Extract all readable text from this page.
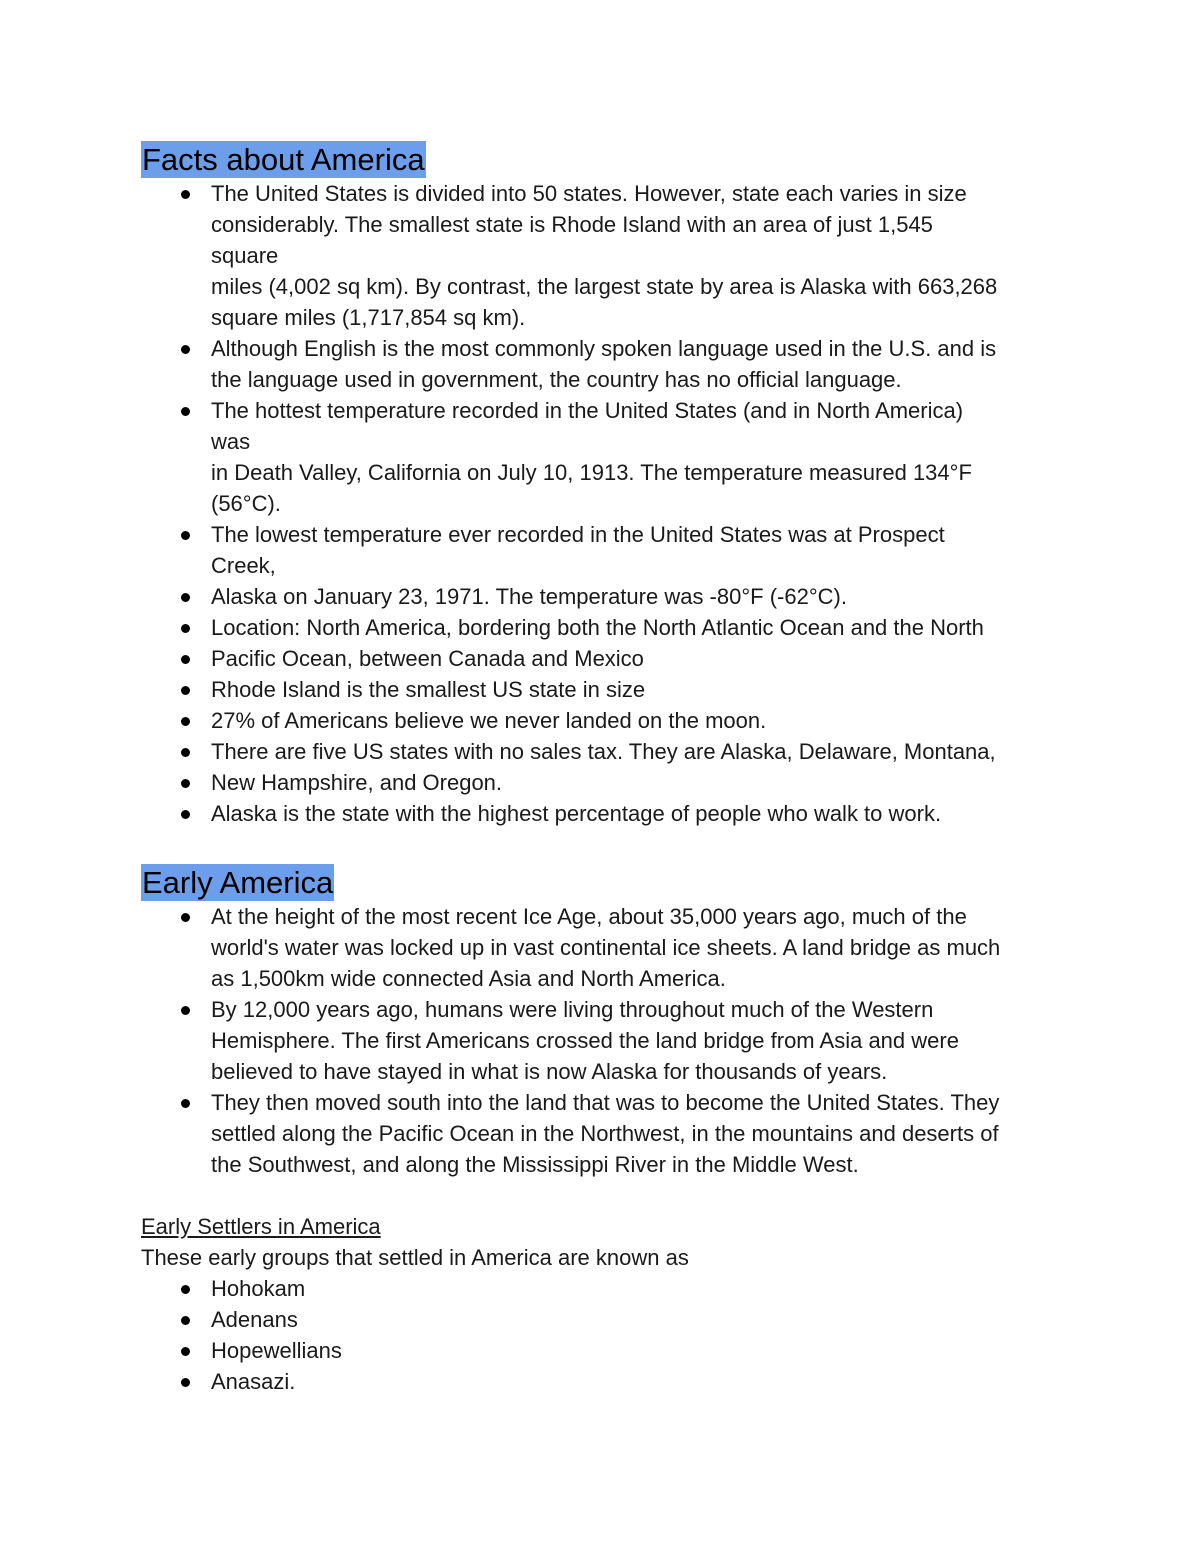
Facts about America
The United States is divided into 50 states. However, state each varies in size
considerably. The smallest state is Rhode Island with an area of just 1,545
square
miles (4,002 sq km). By contrast, the largest state by area is Alaska with 663,268
square miles (1,717,854 sq km).
Although English is the most commonly spoken language used in the U.S. and is
the language used in government, the country has no official language.
The hottest temperature recorded in the United States (and in North America)
was
in Death Valley, California on July 10, 1913. The temperature measured 134°F
(56°C).
The lowest temperature ever recorded in the United States was at Prospect
Creek,
Alaska on January 23, 1971. The temperature was -80°F (-62°C).
Location: North America, bordering both the North Atlantic Ocean and the North
Pacific Ocean, between Canada and Mexico
Rhode Island is the smallest US state in size
27% of Americans believe we never landed on the moon.
There are five US states with no sales tax. They are Alaska, Delaware, Montana,
New Hampshire, and Oregon.
Alaska is the state with the highest percentage of people who walk to work.
Early America
At the height of the most recent Ice Age, about 35,000 years ago, much of the
world's water was locked up in vast continental ice sheets. A land bridge as much
as 1,500km wide connected Asia and North America.
By 12,000 years ago, humans were living throughout much of the Western
Hemisphere. The first Americans crossed the land bridge from Asia and were
believed to have stayed in what is now Alaska for thousands of years.
They then moved south into the land that was to become the United States. They
settled along the Pacific Ocean in the Northwest, in the mountains and deserts of
the Southwest, and along the Mississippi River in the Middle West.

Early Settlers in America

These early groups that settled in America are known as

Hohokam
Adenans
Hopewellians
Anasazi.
